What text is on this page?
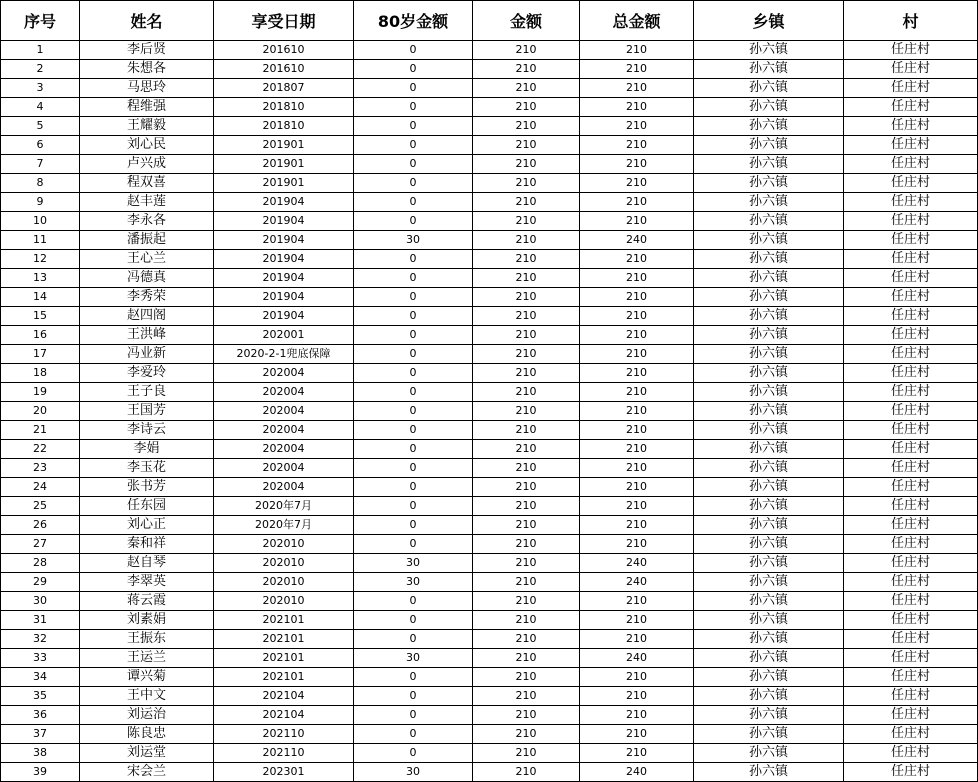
序号	姓名	享受日期	80岁金额	金额	总金额	乡镇	村
1	李后贤	201610	0	210	210	孙六镇	任庄村
2	朱想各	201610	0	210	210	孙六镇	任庄村
3	马思玲	201807	0	210	210	孙六镇	任庄村
4	程维强	201810	0	210	210	孙六镇	任庄村
5	王耀毅	201810	0	210	210	孙六镇	任庄村
6	刘心民	201901	0	210	210	孙六镇	任庄村
7	卢兴成	201901	0	210	210	孙六镇	任庄村
8	程双喜	201901	0	210	210	孙六镇	任庄村
9	赵丰莲	201904	0	210	210	孙六镇	任庄村
10	李永各	201904	0	210	210	孙六镇	任庄村
11	潘振起	201904	30	210	240	孙六镇	任庄村
12	王心兰	201904	0	210	210	孙六镇	任庄村
13	冯德真	201904	0	210	210	孙六镇	任庄村
14	李秀荣	201904	0	210	210	孙六镇	任庄村
15	赵四阁	201904	0	210	210	孙六镇	任庄村
16	王洪峰	202001	0	210	210	孙六镇	任庄村
17	冯业新	2020-2-1兜底保障	0	210	210	孙六镇	任庄村
18	李爱玲	202004	0	210	210	孙六镇	任庄村
19	王子良	202004	0	210	210	孙六镇	任庄村
20	王国芳	202004	0	210	210	孙六镇	任庄村
21	李诗云	202004	0	210	210	孙六镇	任庄村
22	李娟	202004	0	210	210	孙六镇	任庄村
23	李玉花	202004	0	210	210	孙六镇	任庄村
24	张书芳	202004	0	210	210	孙六镇	任庄村
25	任东园	2020年7月	0	210	210	孙六镇	任庄村
26	刘心正	2020年7月	0	210	210	孙六镇	任庄村
27	秦和祥	202010	0	210	210	孙六镇	任庄村
28	赵自琴	202010	30	210	240	孙六镇	任庄村
29	李翠英	202010	30	210	240	孙六镇	任庄村
30	蒋云霞	202010	0	210	210	孙六镇	任庄村
31	刘素娟	202101	0	210	210	孙六镇	任庄村
32	王振东	202101	0	210	210	孙六镇	任庄村
33	王运兰	202101	30	210	240	孙六镇	任庄村
34	谭兴菊	202101	0	210	210	孙六镇	任庄村
35	王中文	202104	0	210	210	孙六镇	任庄村
36	刘运治	202104	0	210	210	孙六镇	任庄村
37	陈良忠	202110	0	210	210	孙六镇	任庄村
38	刘运堂	202110	0	210	210	孙六镇	任庄村
39	宋会兰	202301	30	210	240	孙六镇	任庄村
